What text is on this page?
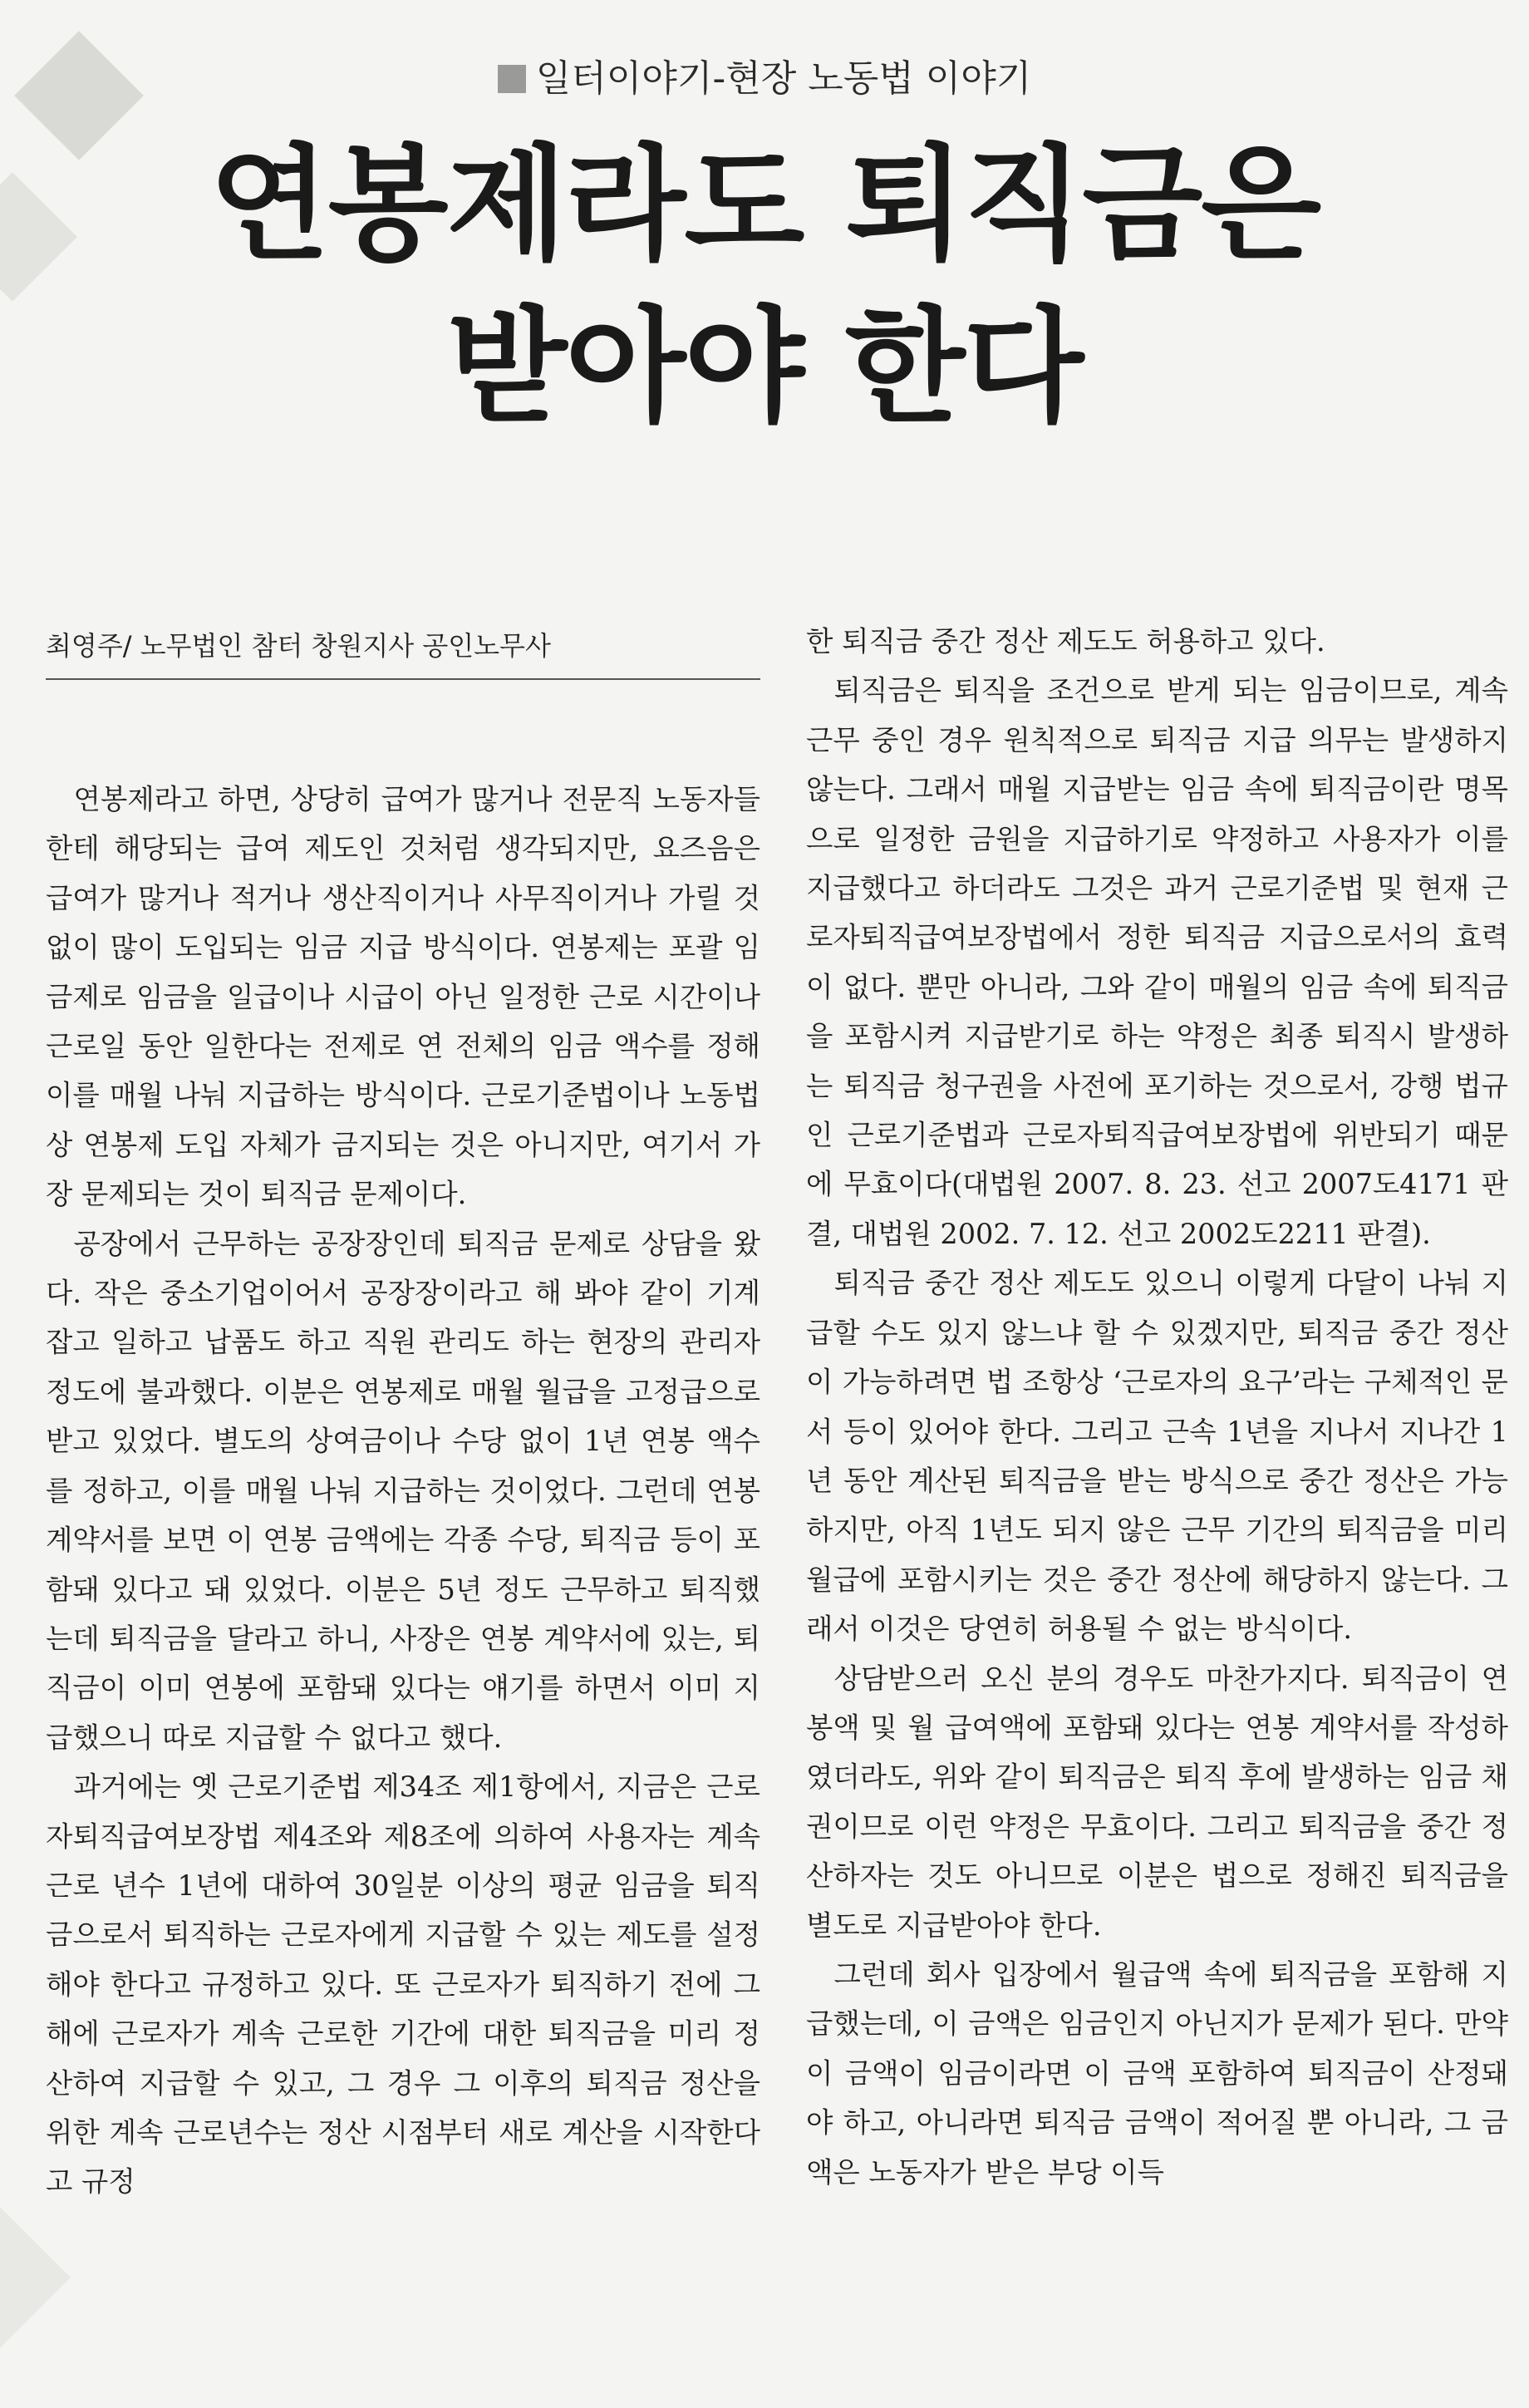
일터이야기-현장 노동법 이야기
연봉제라도 퇴직금은
받아야 한다
최영주/ 노무법인 참터 창원지사 공인노무사

연봉제라고 하면, 상당히 급여가 많거나 전문직 노동자들한테 해당되는 급여 제도인 것처럼 생각되지만, 요즈음은 급여가 많거나 적거나 생산직이거나 사무직이거나 가릴 것 없이 많이 도입되는 임금 지급 방식이다. 연봉제는 포괄 임금제로 임금을 일급이나 시급이 아닌 일정한 근로 시간이나 근로일 동안 일한다는 전제로 연 전체의 임금 액수를 정해 이를 매월 나눠 지급하는 방식이다. 근로기준법이나 노동법상 연봉제 도입 자체가 금지되는 것은 아니지만, 여기서 가장 문제되는 것이 퇴직금 문제이다.

공장에서 근무하는 공장장인데 퇴직금 문제로 상담을 왔다. 작은 중소기업이어서 공장장이라고 해 봐야 같이 기계 잡고 일하고 납품도 하고 직원 관리도 하는 현장의 관리자 정도에 불과했다. 이분은 연봉제로 매월 월급을 고정급으로 받고 있었다. 별도의 상여금이나 수당 없이 1년 연봉 액수를 정하고, 이를 매월 나눠 지급하는 것이었다. 그런데 연봉 계약서를 보면 이 연봉 금액에는 각종 수당, 퇴직금 등이 포함돼 있다고 돼 있었다. 이분은 5년 정도 근무하고 퇴직했는데 퇴직금을 달라고 하니, 사장은 연봉 계약서에 있는, 퇴직금이 이미 연봉에 포함돼 있다는 얘기를 하면서 이미 지급했으니 따로 지급할 수 없다고 했다.

과거에는 옛 근로기준법 제34조 제1항에서, 지금은 근로자퇴직급여보장법 제4조와 제8조에 의하여 사용자는 계속 근로 년수 1년에 대하여 30일분 이상의 평균 임금을 퇴직금으로서 퇴직하는 근로자에게 지급할 수 있는 제도를 설정해야 한다고 규정하고 있다. 또 근로자가 퇴직하기 전에 그해에 근로자가 계속 근로한 기간에 대한 퇴직금을 미리 정산하여 지급할 수 있고, 그 경우 그 이후의 퇴직금 정산을 위한 계속 근로년수는 정산 시점부터 새로 계산을 시작한다고 규정

한 퇴직금 중간 정산 제도도 허용하고 있다.

퇴직금은 퇴직을 조건으로 받게 되는 임금이므로, 계속 근무 중인 경우 원칙적으로 퇴직금 지급 의무는 발생하지 않는다. 그래서 매월 지급받는 임금 속에 퇴직금이란 명목으로 일정한 금원을 지급하기로 약정하고 사용자가 이를 지급했다고 하더라도 그것은 과거 근로기준법 및 현재 근로자퇴직급여보장법에서 정한 퇴직금 지급으로서의 효력이 없다. 뿐만 아니라, 그와 같이 매월의 임금 속에 퇴직금을 포함시켜 지급받기로 하는 약정은 최종 퇴직시 발생하는 퇴직금 청구권을 사전에 포기하는 것으로서, 강행 법규인 근로기준법과 근로자퇴직급여보장법에 위반되기 때문에 무효이다(대법원 2007. 8. 23. 선고 2007도4171 판결, 대법원 2002. 7. 12. 선고 2002도2211 판결).

퇴직금 중간 정산 제도도 있으니 이렇게 다달이 나눠 지급할 수도 있지 않느냐 할 수 있겠지만, 퇴직금 중간 정산이 가능하려면 법 조항상 ‘근로자의 요구’라는 구체적인 문서 등이 있어야 한다. 그리고 근속 1년을 지나서 지나간 1년 동안 계산된 퇴직금을 받는 방식으로 중간 정산은 가능하지만, 아직 1년도 되지 않은 근무 기간의 퇴직금을 미리 월급에 포함시키는 것은 중간 정산에 해당하지 않는다. 그래서 이것은 당연히 허용될 수 없는 방식이다.

상담받으러 오신 분의 경우도 마찬가지다. 퇴직금이 연봉액 및 월 급여액에 포함돼 있다는 연봉 계약서를 작성하였더라도, 위와 같이 퇴직금은 퇴직 후에 발생하는 임금 채권이므로 이런 약정은 무효이다. 그리고 퇴직금을 중간 정산하자는 것도 아니므로 이분은 법으로 정해진 퇴직금을 별도로 지급받아야 한다.

그런데 회사 입장에서 월급액 속에 퇴직금을 포함해 지급했는데, 이 금액은 임금인지 아닌지가 문제가 된다. 만약 이 금액이 임금이라면 이 금액 포함하여 퇴직금이 산정돼야 하고, 아니라면 퇴직금 금액이 적어질 뿐 아니라, 그 금액은 노동자가 받은 부당 이득
